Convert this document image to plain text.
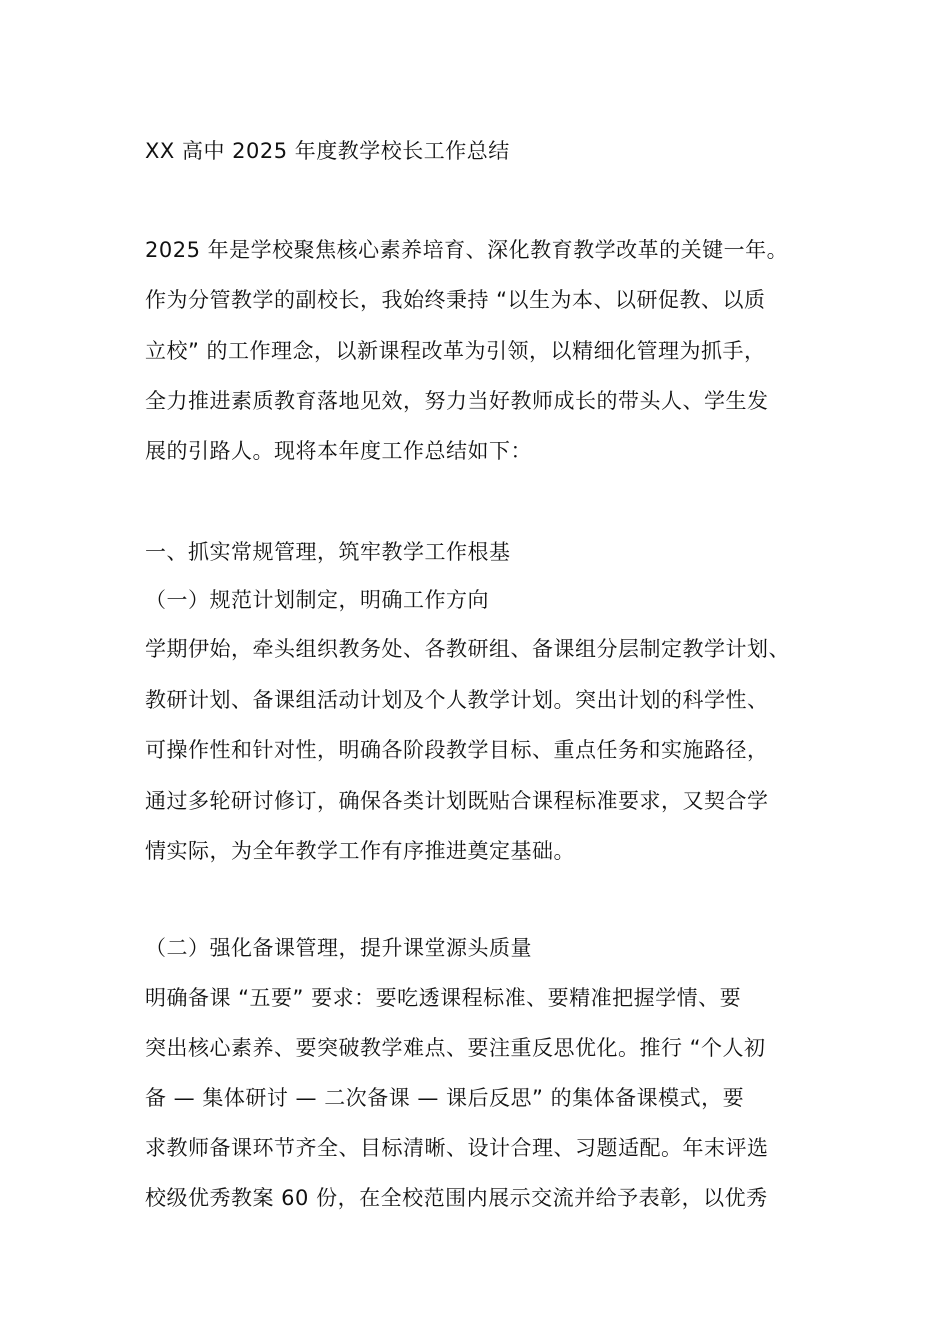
XX 高中 2025 年度教学校长工作总结
2025 年是学校聚焦核心素养培育、深化教育教学改革的关键一年。
作为分管教学的副校长，我始终秉持 “以生为本、以研促教、以质
立校” 的工作理念，以新课程改革为引领，以精细化管理为抓手，
全力推进素质教育落地见效，努力当好教师成长的带头人、学生发
展的引路人。现将本年度工作总结如下：
一、抓实常规管理，筑牢教学工作根基
（一）规范计划制定，明确工作方向
学期伊始，牵头组织教务处、各教研组、备课组分层制定教学计划、
教研计划、备课组活动计划及个人教学计划。突出计划的科学性、
可操作性和针对性，明确各阶段教学目标、重点任务和实施路径，
通过多轮研讨修订，确保各类计划既贴合课程标准要求，又契合学
情实际，为全年教学工作有序推进奠定基础。
（二）强化备课管理，提升课堂源头质量
明确备课 “五要” 要求：要吃透课程标准、要精准把握学情、要
突出核心素养、要突破教学难点、要注重反思优化。推行 “个人初
备 — 集体研讨 — 二次备课 — 课后反思” 的集体备课模式，要
求教师备课环节齐全、目标清晰、设计合理、习题适配。年末评选
校级优秀教案 60 份，在全校范围内展示交流并给予表彰，以优秀
